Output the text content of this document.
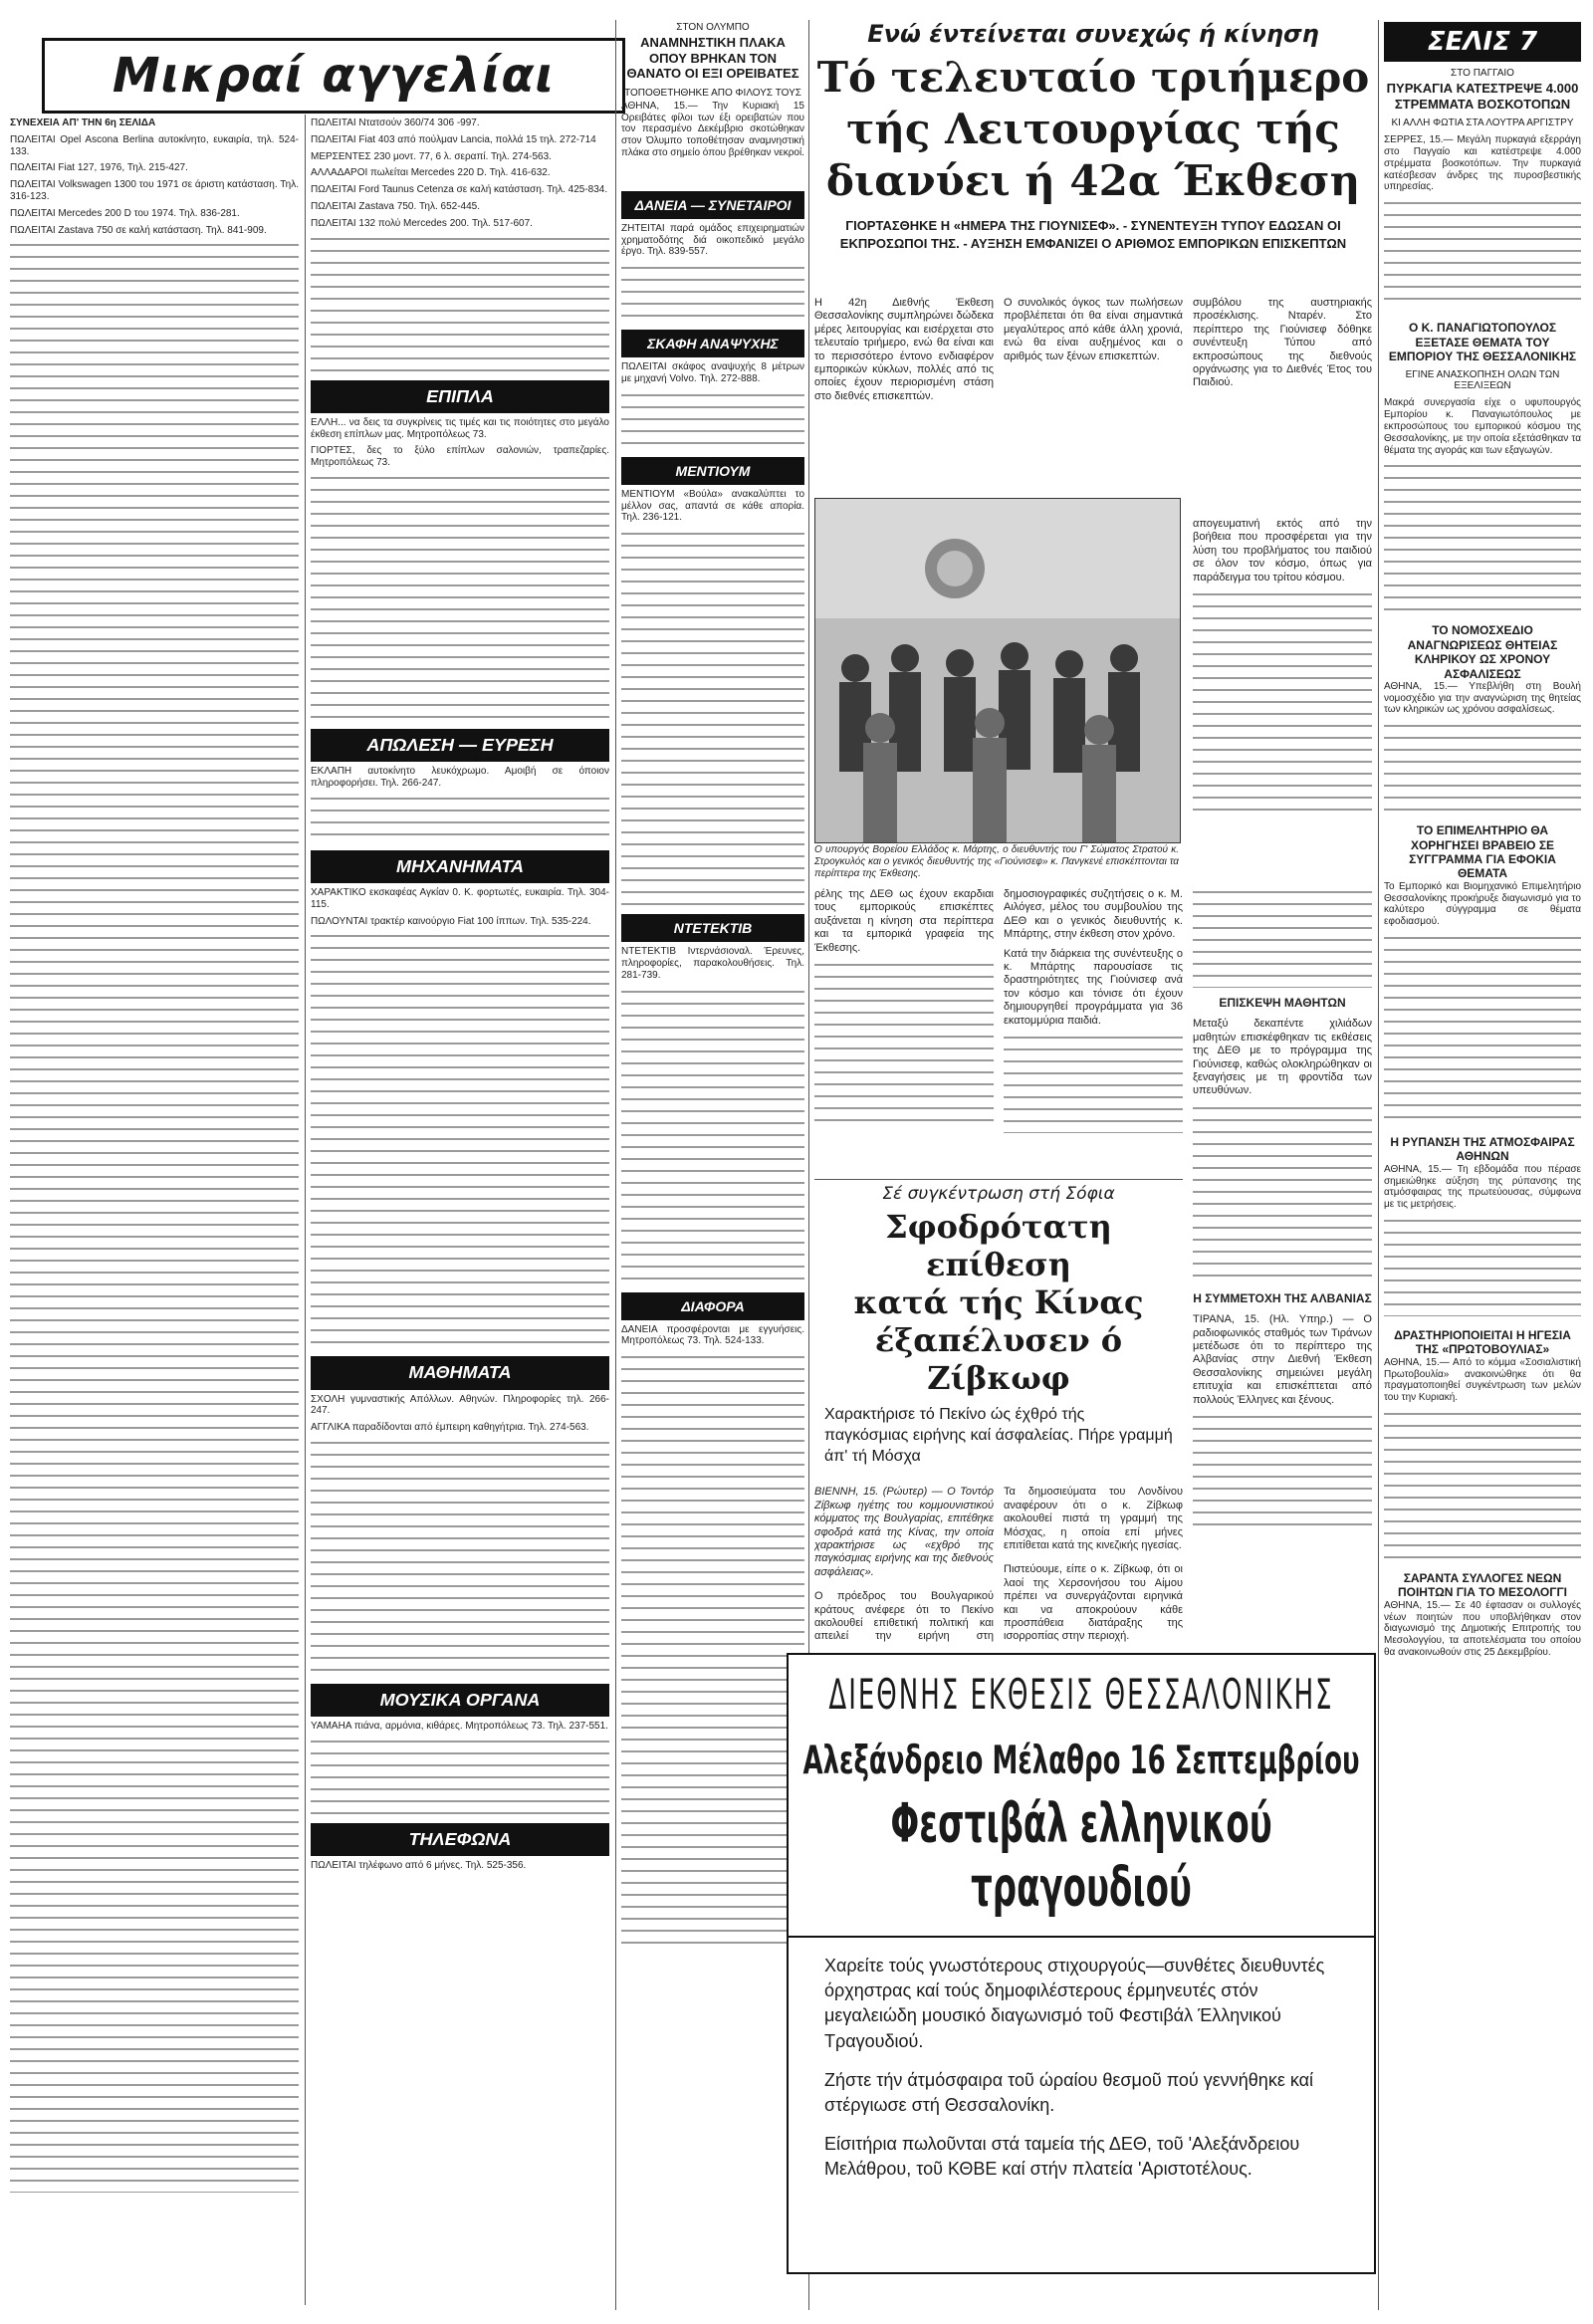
Μικραί αγγελίαι

ΣΥΝΕΧΕΙΑ ΑΠ' ΤΗΝ 6η ΣΕΛΙΔΑ

ΠΩΛΕΙΤΑΙ Opel Ascona Berlina αυτοκίνητο, ευκαιρία, τηλ. 524-133.

ΠΩΛΕΙΤΑΙ Fiat 127, 1976, Τηλ. 215-427.

ΠΩΛΕΙΤΑΙ Volkswagen 1300 του 1971 σε άριστη κατάσταση. Τηλ. 316-123.

ΠΩΛΕΙΤΑΙ Mercedes 200 D του 1974. Τηλ. 836-281.

ΠΩΛΕΙΤΑΙ Zastava 750 σε καλή κατάσταση. Τηλ. 841-909.

ΠΩΛΕΙΤΑΙ Ντατσούν 360/74 306 -997.

ΠΩΛΕΙΤΑΙ Fiat 403 από πούλμαν Lancia, πολλά 15 τηλ. 272-714

ΜΕΡΣΕΝΤΕΣ 230 μοντ. 77, 6 λ. σεραπί. Τηλ. 274-563.

ΑΛΛΑΔΑΡΟΙ πωλείται Mercedes 220 D. Τηλ. 416-632.

ΠΩΛΕΙΤΑΙ Ford Taunus Cetenza σε καλή κατάσταση. Τηλ. 425-834.

ΠΩΛΕΙΤΑΙ Zastava 750. Τηλ. 652-445.

ΠΩΛΕΙΤΑΙ 132 πολύ Mercedes 200. Τηλ. 517-607.

ΕΠΙΠΛΑ

ΕΛΛΗ... να δεις τα συγκρίνεις τις τιμές και τις ποιότητες στο μεγάλο έκθεση επίπλων μας. Μητροπόλεως 73.

ΓΙΟΡΤΕΣ, δες το ξύλο επίπλων σαλονιών, τραπεζαρίες. Μητροπόλεως 73.

ΑΠΩΛΕΣΗ — ΕΥΡΕΣΗ

ΕΚΛΑΠΗ αυτοκίνητο λευκόχρωμο. Αμοιβή σε όποιον πληροφορήσει. Τηλ. 266-247.

ΜΗΧΑΝΗΜΑΤΑ

ΧΑΡΑΚΤΙΚΟ εκσκαφέας Αγκίαν 0. Κ. φορτωτές, ευκαιρία. Τηλ. 304-115.

ΠΩΛΟΥΝΤΑΙ τρακτέρ καινούργιο Fiat 100 ίππων. Τηλ. 535-224.

ΜΑΘΗΜΑΤΑ

ΣΧΟΛΗ γυμναστικής Απόλλων. Αθηνών. Πληροφορίες τηλ. 266-247.

ΑΓΓΛΙΚΑ παραδίδονται από έμπειρη καθηγήτρια. Τηλ. 274-563.

ΜΟΥΣΙΚΑ ΟΡΓΑΝΑ

ΥΑΜΑΗΑ πιάνα, αρμόνια, κιθάρες. Μητροπόλεως 73. Τηλ. 237-551.

ΤΗΛΕΦΩΝΑ

ΠΩΛΕΙΤΑΙ τηλέφωνο από 6 μήνες. Τηλ. 525-356.

ΣΤΟΝ ΟΛΥΜΠΟ
ΑΝΑΜΝΗΣΤΙΚΗ ΠΛΑΚΑ ΟΠΟΥ ΒΡΗΚΑΝ ΤΟΝ ΘΑΝΑΤΟ ΟΙ ΕΞΙ ΟΡΕΙΒΑΤΕΣ
ΤΟΠΟΘΕΤΗΘΗΚΕ ΑΠΟ ΦΙΛΟΥΣ ΤΟΥΣ

ΑΘΗΝΑ, 15.— Την Κυριακή 15 Ορειβάτες φίλοι των έξι ορειβατών που τον περασμένο Δεκέμβριο σκοτώθηκαν στον Όλυμπο τοποθέτησαν αναμνηστική πλάκα στο σημείο όπου βρέθηκαν νεκροί.

ΔΑΝΕΙΑ — ΣΥΝΕΤΑΙΡΟΙ

ΖΗΤΕΙΤΑΙ παρά ομάδος επιχειρηματιών χρηματοδότης διά οικοπεδικό μεγάλο έργο. Τηλ. 839-557.

ΣΚΑΦΗ ΑΝΑΨΥΧΗΣ

ΠΩΛΕΙΤΑΙ σκάφος αναψυχής 8 μέτρων με μηχανή Volvo. Τηλ. 272-888.

ΜΕΝΤΙΟΥΜ

ΜΕΝΤΙΟΥΜ «Βούλα» ανακαλύπτει το μέλλον σας, απαντά σε κάθε απορία. Τηλ. 236-121.

ΝΤΕΤΕΚΤΙΒ

ΝΤΕΤΕΚΤΙΒ Ιντερνάσιοναλ. Έρευνες, πληροφορίες, παρακολουθήσεις. Τηλ. 281-739.

ΔΙΑΦΟΡΑ

ΔΑΝΕΙΑ προσφέρονται με εγγυήσεις. Μητροπόλεως 73. Τηλ. 524-133.

Ενώ έντείνεται συνεχώς ή κίνηση
Τό τελευταίο τριήμερο
τής Λειτουργίας τής
διανύει ή 42α Έκθεση
ΓΙΟΡΤΑΣΘΗΚΕ Η «ΗΜΕΡΑ ΤΗΣ ΓΙΟΥΝΙΣΕΦ». - ΣΥΝΕΝΤΕΥΞΗ ΤΥΠΟΥ ΕΔΩΣΑΝ ΟΙ ΕΚΠΡΟΣΩΠΟΙ ΤΗΣ. - ΑΥΞΗΣΗ ΕΜΦΑΝΙΖΕΙ Ο ΑΡΙΘΜΟΣ ΕΜΠΟΡΙΚΩΝ ΕΠΙΣΚΕΠΤΩΝ

Η 42η Διεθνής Έκθεση Θεσσαλονίκης συμπληρώνει δώδεκα μέρες λειτουργίας και εισέρχεται στο τελευταίο τριήμερο, ενώ θα είναι και το περισσότερο έντονο ενδιαφέρον εμπορικών κύκλων, πολλές από τις οποίες έχουν περιορισμένη στάση στο διεθνές επισκεπτών.

Ο συνολικός όγκος των πωλήσεων προβλέπεται ότι θα είναι σημαντικά μεγαλύτερος από κάθε άλλη χρονιά, ενώ θα είναι αυξημένος και ο αριθμός των ξένων επισκεπτών.

συμβόλου της αυστηριακής προσέκλισης. Νταρέν. Στο περίπτερο της Γιούνισεφ δόθηκε συνέντευξη Τύπου από εκπροσώπους της διεθνούς οργάνωσης για το Διεθνές Έτος του Παιδιού.

απογευματινή εκτός από την βοήθεια που προσφέρεται για την λύση του προβλήματος του παιδιού σε όλον τον κόσμο, όπως για παράδειγμα του τρίτου κόσμου.

Ο υπουργός Βορείου Ελλάδος κ. Μάρτης, ο διευθυντής του Γ' Σώματος Στρατού κ. Στρογκυλός και ο γενικός διευθυντής της «Γιούνισεφ» κ. Πανγκενέ επισκέπτονται τα περίπτερα της Έκθεσης.

ρέλης της ΔΕΘ ως έχουν εκαρδιαι τους εμπορικούς επισκέπτες αυξάνεται η κίνηση στα περίπτερα και τα εμπορικά γραφεία της Έκθεσης.

δημοσιογραφικές συζητήσεις ο κ. Μ. Αιλόγεσ, μέλος του συμβουλίου της ΔΕΘ και ο γενικός διευθυντής κ. Μπάρτης, στην έκθεση στον χρόνο.

Κατά την διάρκεια της συνέντευξης ο κ. Μπάρτης παρουσίασε τις δραστηριότητες της Γιούνισεφ ανά τον κόσμο και τόνισε ότι έχουν δημιουργηθεί προγράμματα για 36 εκατομμύρια παιδιά.

ΕΠΙΣΚΕΨΗ ΜΑΘΗΤΩΝ

Μεταξύ δεκαπέντε χιλιάδων μαθητών επισκέφθηκαν τις εκθέσεις της ΔΕΘ με το πρόγραμμα της Γιούνισεφ, καθώς ολοκληρώθηκαν οι ξεναγήσεις με τη φροντίδα των υπευθύνων.

Η ΣΥΜΜΕΤΟΧΗ ΤΗΣ ΑΛΒΑΝΙΑΣ

ΤΙΡΑΝΑ, 15. (Ηλ. Υπηρ.) — Ο ραδιοφωνικός σταθμός των Τιράνων μετέδωσε ότι το περίπτερο της Αλβανίας στην Διεθνή Έκθεση Θεσσαλονίκης σημειώνει μεγάλη επιτυχία και επισκέπτεται από πολλούς Έλληνες και ξένους.

Σέ συγκέντρωση στή Σόφια
Σφοδρότατη επίθεση
κατά τής Κίνας
έξαπέλυσεν ό Ζίβκωφ
Χαρακτήρισε τό Πεκίνο ώς έχθρό τής παγκόσμιας ειρήνης καί άσφαλείας. Πήρε γραμμή άπ' τή Μόσχα

ΒΙΕΝΝΗ, 15. (Ρώυτερ) — Ο Τοντόρ Ζίβκωφ ηγέτης του κομμουνιστικού κόμματος της Βουλγαρίας, επιτέθηκε σφοδρά κατά της Κίνας, την οποία χαρακτήρισε ως «εχθρό της παγκόσμιας ειρήνης και της διεθνούς ασφάλειας».

Ο πρόεδρος του Βουλγαρικού κράτους ανέφερε ότι το Πεκίνο ακολουθεί επιθετική πολιτική και απειλεί την ειρήνη στη

Τα δημοσιεύματα του Λονδίνου αναφέρουν ότι ο κ. Ζίβκωφ ακολουθεί πιστά τη γραμμή της Μόσχας, η οποία επί μήνες επιτίθεται κατά της κινεζικής ηγεσίας.

Πιστεύουμε, είπε ο κ. Ζίβκωφ, ότι οι λαοί της Χερσονήσου του Αίμου πρέπει να συνεργάζονται ειρηνικά και να αποκρούουν κάθε προσπάθεια διατάραξης της ισορροπίας στην περιοχή.

ΔΙΕΘΝΗΣ ΕΚΘΕΣΙΣ ΘΕΣΣΑΛΟΝΙΚΗΣ
Αλεξάνδρειο Μέλαθρο 16 Σεπτεμβρίου
Φεστιβάλ ελληνικού τραγουδιού

Χαρείτε τούς γνωστότερους στιχουργούς—συνθέτες διευθυντές όρχηστρας καί τούς δημοφιλέστερους έρμηνευτές στόν μεγαλειώδη μουσικό διαγωνισμό τοῦ Φεστιβάλ Έλληνικού Τραγουδιού.

Ζήστε τήν άτμόσφαιρα τοῦ ώραίου θεσμοῦ πού γεννήθηκε καί στέργιωσε στή Θεσσαλονίκη.

Είσιτήρια πωλοῦνται στά ταμεία τής ΔΕΘ, τοῦ 'Αλεξάνδρειου Μελάθρου, τοῦ ΚΘΒΕ καί στήν πλατεία 'Αριστοτέλους.

ΣΕΛΙΣ 7
ΣΤΟ ΠΑΓΓΑΙΟ
ΠΥΡΚΑΓΙΑ ΚΑΤΕΣΤΡΕΨΕ 4.000 ΣΤΡΕΜΜΑΤΑ ΒΟΣΚΟΤΟΠΩΝ
ΚΙ ΑΛΛΗ ΦΩΤΙΑ ΣΤΑ ΛΟΥΤΡΑ ΑΡΓΙΣΤΡΥ

ΣΕΡΡΕΣ, 15.— Μεγάλη πυρκαγιά εξερράγη στο Παγγαίο και κατέστρεψε 4.000 στρέμματα βοσκοτόπων. Την πυρκαγιά κατέσβεσαν άνδρες της πυροσβεστικής υπηρεσίας.

Ο Κ. ΠΑΝΑΓΙΩΤΟΠΟΥΛΟΣ ΕΞΕΤΑΣΕ ΘΕΜΑΤΑ ΤΟΥ ΕΜΠΟΡΙΟΥ ΤΗΣ ΘΕΣΣΑΛΟΝΙΚΗΣ
ΕΓΙΝΕ ΑΝΑΣΚΟΠΗΣΗ ΟΛΩΝ ΤΩΝ ΕΞΕΛΙΞΕΩΝ

Μακρά συνεργασία είχε ο υφυπουργός Εμπορίου κ. Παναγιωτόπουλος με εκπροσώπους του εμπορικού κόσμου της Θεσσαλονίκης, με την οποία εξετάσθηκαν τα θέματα της αγοράς και των εξαγωγών.

ΤΟ ΝΟΜΟΣΧΕΔΙΟ ΑΝΑΓΝΩΡΙΣΕΩΣ ΘΗΤΕΙΑΣ ΚΛΗΡΙΚΟΥ ΩΣ ΧΡΟΝΟΥ ΑΣΦΑΛΙΣΕΩΣ

ΑΘΗΝΑ, 15.— Υπεβλήθη στη Βουλή νομοσχέδιο για την αναγνώριση της θητείας των κληρικών ως χρόνου ασφαλίσεως.

ΤΟ ΕΠΙΜΕΛΗΤΗΡΙΟ ΘΑ ΧΟΡΗΓΗΣΕΙ ΒΡΑΒΕΙΟ ΣΕ ΣΥΓΓΡΑΜΜΑ ΓΙΑ ΕΦΟΚΙΑ ΘΕΜΑΤΑ

Το Εμπορικό και Βιομηχανικό Επιμελητήριο Θεσσαλονίκης προκήρυξε διαγωνισμό για το καλύτερο σύγγραμμα σε θέματα εφοδιασμού.

Η ΡΥΠΑΝΣΗ ΤΗΣ ΑΤΜΟΣΦΑΙΡΑΣ ΑΘΗΝΩΝ

ΑΘΗΝΑ, 15.— Τη εβδομάδα που πέρασε σημειώθηκε αύξηση της ρύπανσης της ατμόσφαιρας της πρωτεύουσας, σύμφωνα με τις μετρήσεις.

ΔΡΑΣΤΗΡΙΟΠΟΙΕΙΤΑΙ Η ΗΓΕΣΙΑ ΤΗΣ «ΠΡΩΤΟΒΟΥΛΙΑΣ»

ΑΘΗΝΑ, 15.— Από το κόμμα «Σοσιαλιστική Πρωτοβουλία» ανακοινώθηκε ότι θα πραγματοποιηθεί συγκέντρωση των μελών του την Κυριακή.

ΣΑΡΑΝΤΑ ΣΥΛΛΟΓΕΣ ΝΕΩΝ ΠΟΙΗΤΩΝ ΓΙΑ ΤΟ ΜΕΣΟΛΟΓΓΙ

ΑΘΗΝΑ, 15.— Σε 40 έφτασαν οι συλλογές νέων ποιητών που υποβλήθηκαν στον διαγωνισμό της Δημοτικής Επιτροπής του Μεσολογγίου, τα αποτελέσματα του οποίου θα ανακοινωθούν στις 25 Δεκεμβρίου.
